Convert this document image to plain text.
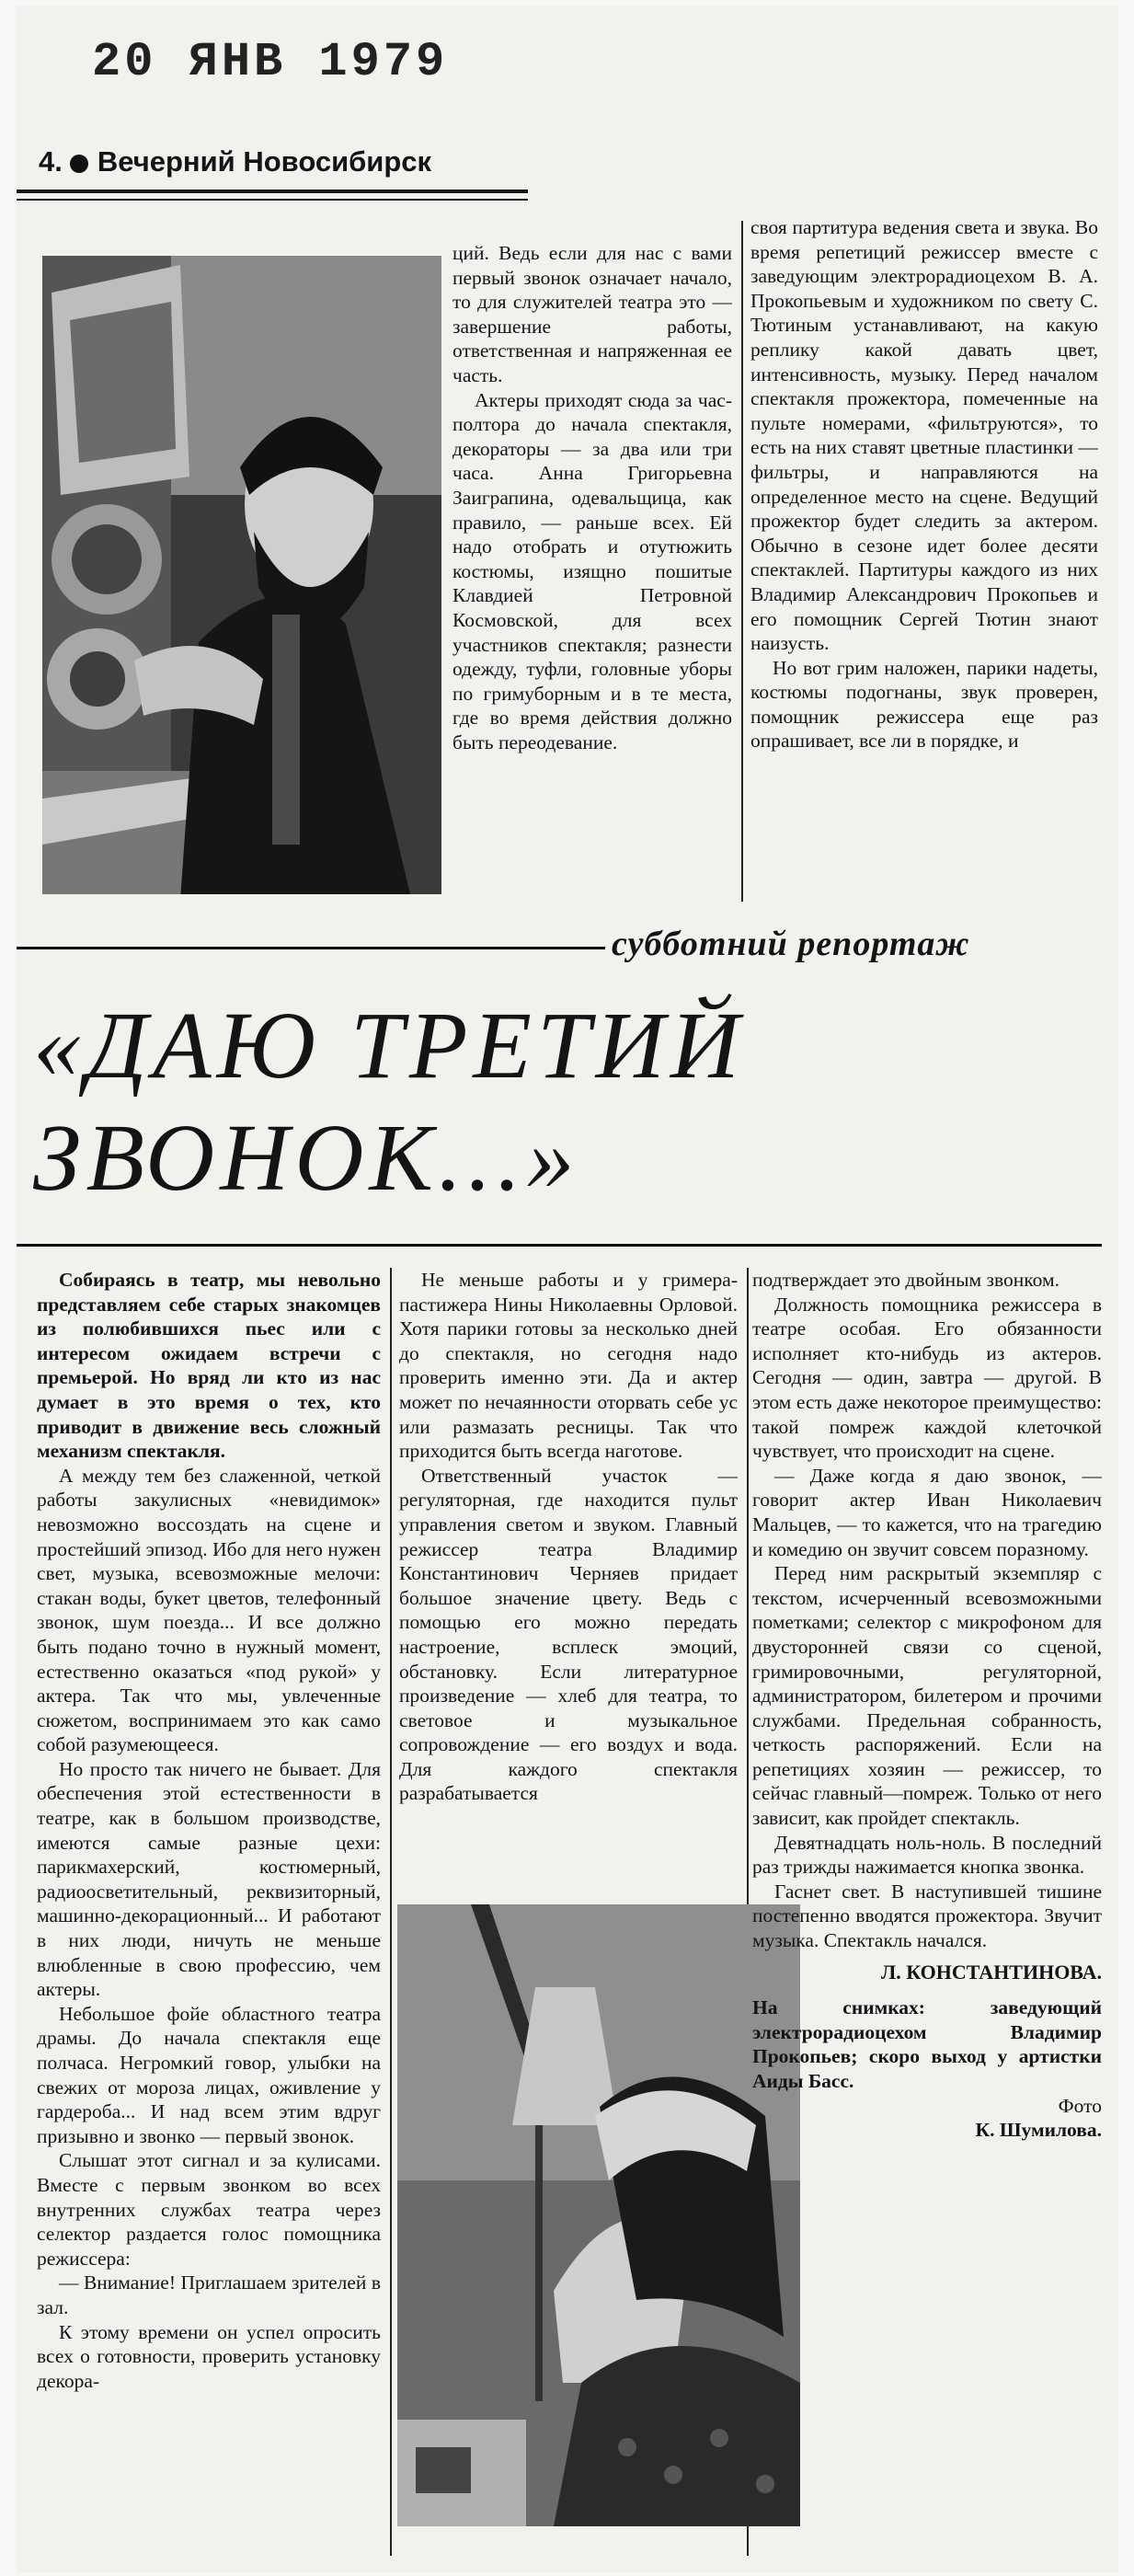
20 ЯНВ 1979
4. Вечерний Новосибирск

ций. Ведь если для нас с вами первый звонок означает начало, то для служителей театра это — завершение работы, ответственная и напряженная ее часть.

Актеры приходят сюда за час-полтора до начала спектакля, декораторы — за два или три часа. Анна Григорьевна Заиграпина, одевальщица, как правило, — раньше всех. Ей надо отобрать и отутюжить костюмы, изящно пошитые Клавдией Петровной Космовской, для всех участников спектакля; разнести одежду, туфли, головные уборы по гримуборным и в те места, где во время действия должно быть переодевание.

своя партитура ведения света и звука. Во время репетиций режиссер вместе с заведующим электрорадиоцехом В. А. Прокопьевым и художником по свету С. Тютиным устанавливают, на какую реплику какой давать цвет, интенсивность, музыку. Перед началом спектакля прожектора, помеченные на пульте номерами, «фильтруются», то есть на них ставят цветные пластинки — фильтры, и направляются на определенное место на сцене. Ведущий прожектор будет следить за актером. Обычно в сезоне идет более десяти спектаклей. Партитуры каждого из них Владимир Александрович Прокопьев и его помощник Сергей Тютин знают наизусть.

Но вот грим наложен, парики надеты, костюмы подогнаны, звук проверен, помощник режиссера еще раз опрашивает, все ли в порядке, и

субботний репортаж
«ДАЮ ТРЕТИЙ
ЗВОНОК...»

Собираясь в театр, мы невольно представляем себе старых знакомцев из полюбившихся пьес или с интересом ожидаем встречи с премьерой. Но вряд ли кто из нас думает в это время о тех, кто приводит в движение весь сложный механизм спектакля.

А между тем без слаженной, четкой работы закулисных «невидимок» невозможно воссоздать на сцене и простейший эпизод. Ибо для него нужен свет, музыка, всевозможные мелочи: стакан воды, букет цветов, телефонный звонок, шум поезда... И все должно быть подано точно в нужный момент, естественно оказаться «под рукой» у актера. Так что мы, увлеченные сюжетом, воспринимаем это как само собой разумеющееся.

Но просто так ничего не бывает. Для обеспечения этой естественности в театре, как в большом производстве, имеются самые разные цехи: парикмахерский, костюмерный, радиоосветительный, реквизиторный, машинно-декорационный... И работают в них люди, ничуть не меньше влюбленные в свою профессию, чем актеры.

Небольшое фойе областного театра драмы. До начала спектакля еще полчаса. Негромкий говор, улыбки на свежих от мороза лицах, оживление у гардероба... И над всем этим вдруг призывно и звонко — первый звонок.

Слышат этот сигнал и за кулисами. Вместе с первым звонком во всех внутренних службах театра через селектор раздается голос помощника режиссера:

— Внимание! Приглашаем зрителей в зал.

К этому времени он успел опросить всех о готовности, проверить установку декора-

Не меньше работы и у гримера-пастижера Нины Николаевны Орловой. Хотя парики готовы за несколько дней до спектакля, но сегодня надо проверить именно эти. Да и актер может по нечаянности оторвать себе ус или размазать ресницы. Так что приходится быть всегда наготове.

Ответственный участок — регуляторная, где находится пульт управления светом и звуком. Главный режиссер театра Владимир Константинович Черняев придает большое значение цвету. Ведь с помощью его можно передать настроение, всплеск эмоций, обстановку. Если литературное произведение — хлеб для театра, то световое и музыкальное сопровождение — его воздух и вода. Для каждого спектакля разрабатывается

подтверждает это двойным звонком.

Должность помощника режиссера в театре особая. Его обязанности исполняет кто-нибудь из актеров. Сегодня — один, завтра — другой. В этом есть даже некоторое преимущество: такой помреж каждой клеточкой чувствует, что происходит на сцене.

— Даже когда я даю звонок, — говорит актер Иван Николаевич Мальцев, — то кажется, что на трагедию и комедию он звучит совсем поразному.

Перед ним раскрытый экземпляр с текстом, исчерченный всевозможными пометками; селектор с микрофоном для двусторонней связи со сценой, гримировочными, регуляторной, администратором, билетером и прочими службами. Предельная собранность, четкость распоряжений. Если на репетициях хозяин — режиссер, то сейчас главный—помреж. Только от него зависит, как пройдет спектакль.

Девятнадцать ноль-ноль. В последний раз трижды нажимается кнопка звонка.

Гаснет свет. В наступившей тишине постепенно вводятся прожектора. Звучит музыка. Спектакль начался.

Л. КОНСТАНТИНОВА.

На снимках: заведующий электрорадиоцехом Владимир Прокопьев; скоро выход у артистки Аиды Басс.

Фото

К. Шумилова.
